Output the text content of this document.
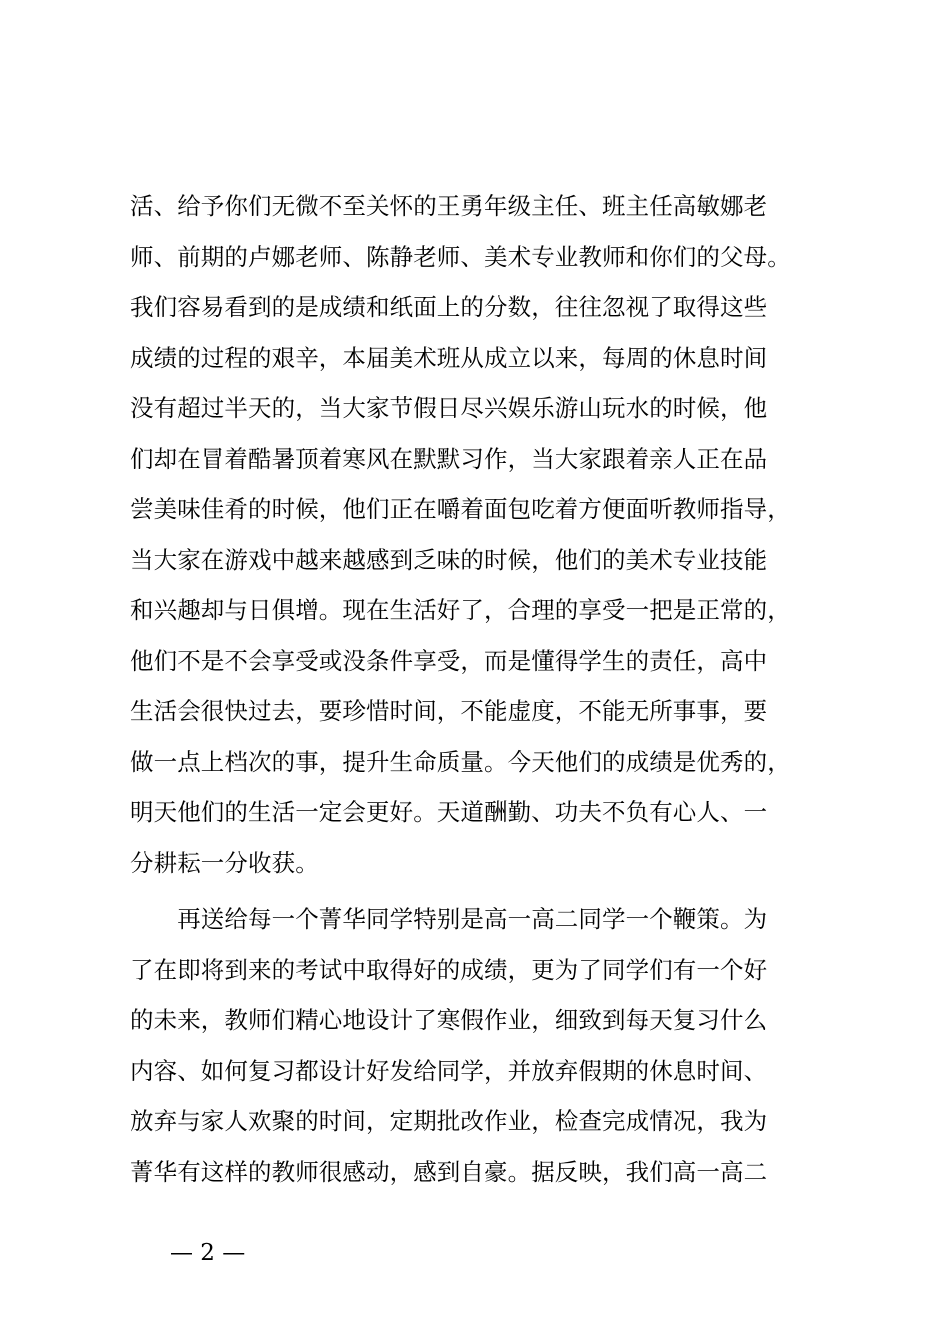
活、给予你们无微不至关怀的王勇年级主任、班主任高敏娜老
师、前期的卢娜老师、陈静老师、美术专业教师和你们的父母。
我们容易看到的是成绩和纸面上的分数，往往忽视了取得这些
成绩的过程的艰辛，本届美术班从成立以来，每周的休息时间
没有超过半天的，当大家节假日尽兴娱乐游山玩水的时候，他
们却在冒着酷暑顶着寒风在默默习作，当大家跟着亲人正在品
尝美味佳肴的时候，他们正在嚼着面包吃着方便面听教师指导，
当大家在游戏中越来越感到乏味的时候，他们的美术专业技能
和兴趣却与日俱增。现在生活好了，合理的享受一把是正常的，
他们不是不会享受或没条件享受，而是懂得学生的责任，高中
生活会很快过去，要珍惜时间，不能虚度，不能无所事事，要
做一点上档次的事，提升生命质量。今天他们的成绩是优秀的，
明天他们的生活一定会更好。天道酬勤、功夫不负有心人、一
分耕耘一分收获。
　　再送给每一个菁华同学特别是高一高二同学一个鞭策。为
了在即将到来的考试中取得好的成绩，更为了同学们有一个好
的未来，教师们精心地设计了寒假作业，细致到每天复习什么
内容、如何复习都设计好发给同学，并放弃假期的休息时间、
放弃与家人欢聚的时间，定期批改作业，检查完成情况，我为
菁华有这样的教师很感动，感到自豪。据反映，我们高一高二
— 2 —
